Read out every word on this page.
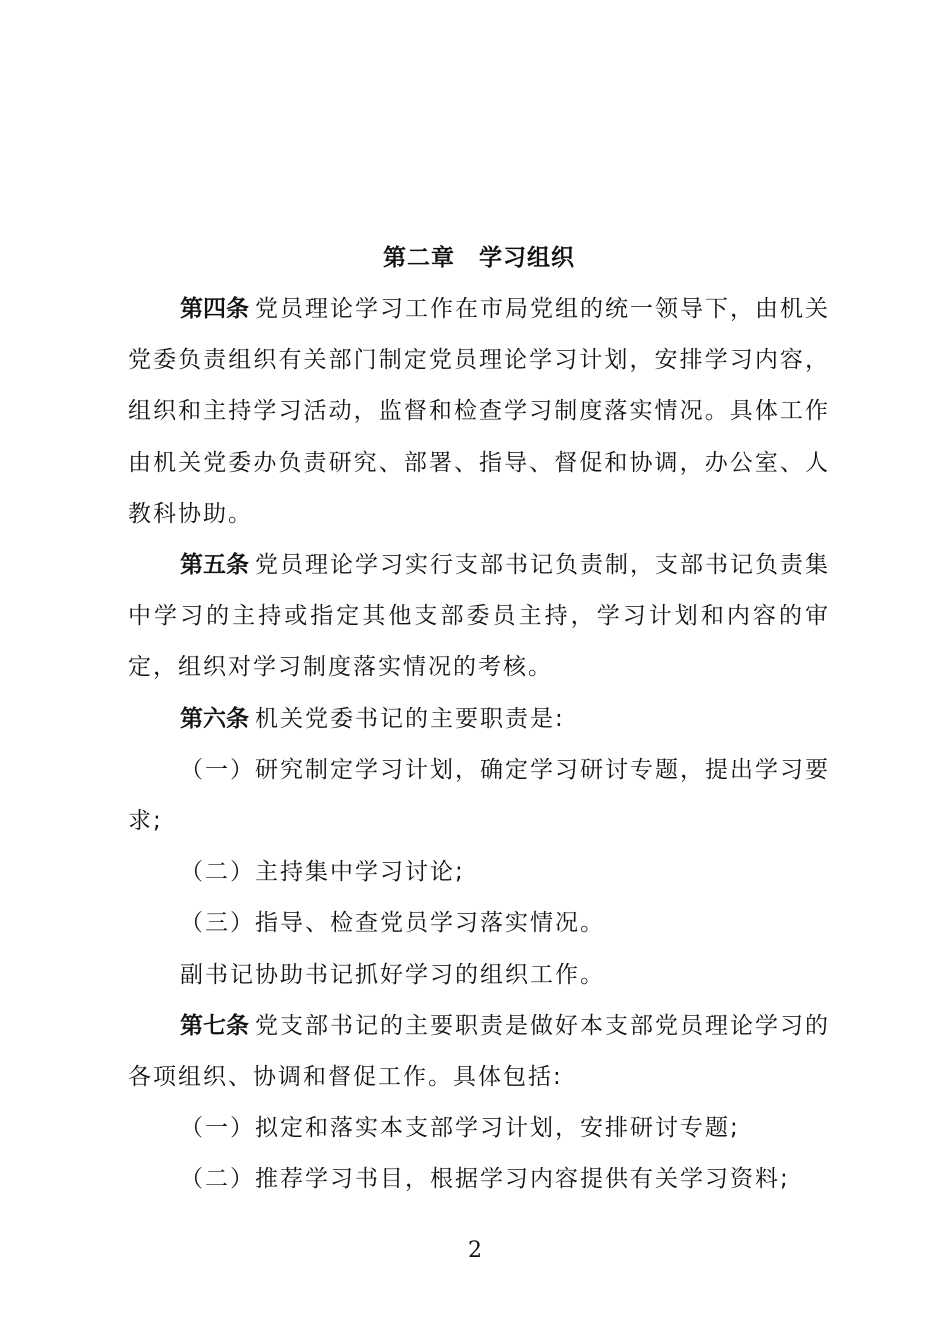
第二章　学习组织

第四条 党员理论学习工作在市局党组的统一领导下，由机关党委负责组织有关部门制定党员理论学习计划，安排学习内容，组织和主持学习活动，监督和检查学习制度落实情况。具体工作由机关党委办负责研究、部署、指导、督促和协调，办公室、人教科协助。

第五条 党员理论学习实行支部书记负责制，支部书记负责集中学习的主持或指定其他支部委员主持，学习计划和内容的审定，组织对学习制度落实情况的考核。

第六条 机关党委书记的主要职责是:

（一）研究制定学习计划，确定学习研讨专题，提出学习要求;

（二）主持集中学习讨论;

（三）指导、检查党员学习落实情况。

副书记协助书记抓好学习的组织工作。

第七条 党支部书记的主要职责是做好本支部党员理论学习的各项组织、协调和督促工作。具体包括:

（一）拟定和落实本支部学习计划，安排研讨专题;

（二）推荐学习书目，根据学习内容提供有关学习资料;

2
